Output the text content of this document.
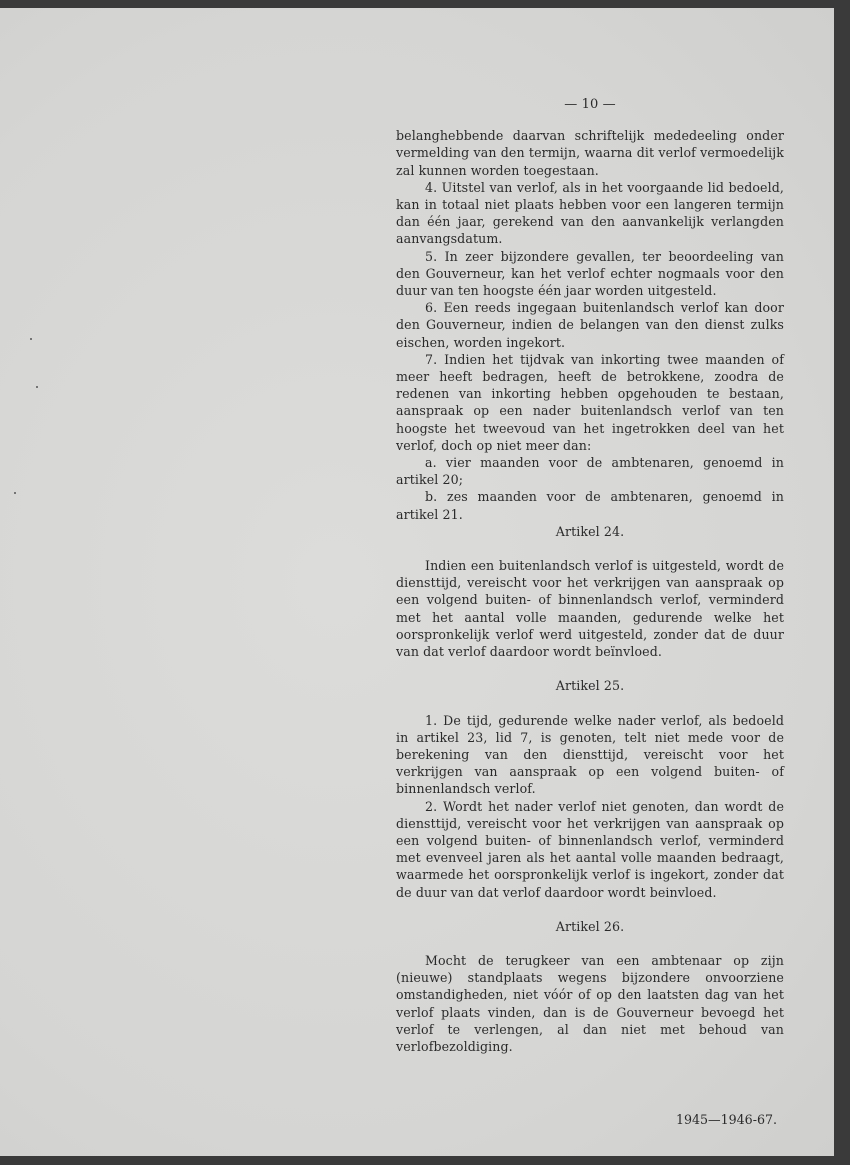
— 10 —

belanghebbende daarvan schriftelijk mededeeling onder vermelding van den termijn, waarna dit verlof vermoedelijk zal kunnen worden toegestaan.

4. Uitstel van verlof, als in het voorgaande lid bedoeld, kan in totaal niet plaats hebben voor een langeren termijn dan één jaar, gerekend van den aanvankelijk verlangden aanvangsdatum.

5. In zeer bijzondere gevallen, ter beoordeeling van den Gouverneur, kan het verlof echter nogmaals voor den duur van ten hoogste één jaar worden uitgesteld.

6. Een reeds ingegaan buitenlandsch verlof kan door den Gouverneur, indien de belangen van den dienst zulks eischen, worden ingekort.

7. Indien het tijdvak van inkorting twee maanden of meer heeft bedragen, heeft de betrokkene, zoodra de redenen van inkorting hebben opgehouden te bestaan, aanspraak op een nader buitenlandsch verlof van ten hoogste het tweevoud van het ingetrokken deel van het verlof, doch op niet meer dan:

a. vier maanden voor de ambtenaren, genoemd in artikel 20;

b. zes maanden voor de ambtenaren, genoemd in artikel 21.

Artikel 24.

Indien een buitenlandsch verlof is uitgesteld, wordt de diensttijd, vereischt voor het verkrijgen van aanspraak op een volgend buiten- of binnenlandsch verlof, verminderd met het aantal volle maanden, gedurende welke het oorspronkelijk verlof werd uitgesteld, zonder dat de duur van dat verlof daardoor wordt beïnvloed.

Artikel 25.

1. De tijd, gedurende welke nader verlof, als bedoeld in artikel 23, lid 7, is genoten, telt niet mede voor de berekening van den diensttijd, vereischt voor het verkrijgen van aanspraak op een volgend buiten- of binnenlandsch verlof.

2. Wordt het nader verlof niet genoten, dan wordt de diensttijd, vereischt voor het verkrijgen van aanspraak op een volgend buiten- of binnenlandsch verlof, verminderd met evenveel jaren als het aantal volle maanden bedraagt, waarmede het oorspronkelijk verlof is ingekort, zonder dat de duur van dat verlof daardoor wordt beinvloed.

Artikel 26.

Mocht de terugkeer van een ambtenaar op zijn (nieuwe) standplaats wegens bijzondere onvoorziene omstandigheden, niet vóór of op den laatsten dag van het verlof plaats vinden, dan is de Gouverneur bevoegd het verlof te verlengen, al dan niet met behoud van verlofbezoldiging.

1945—1946-67.
